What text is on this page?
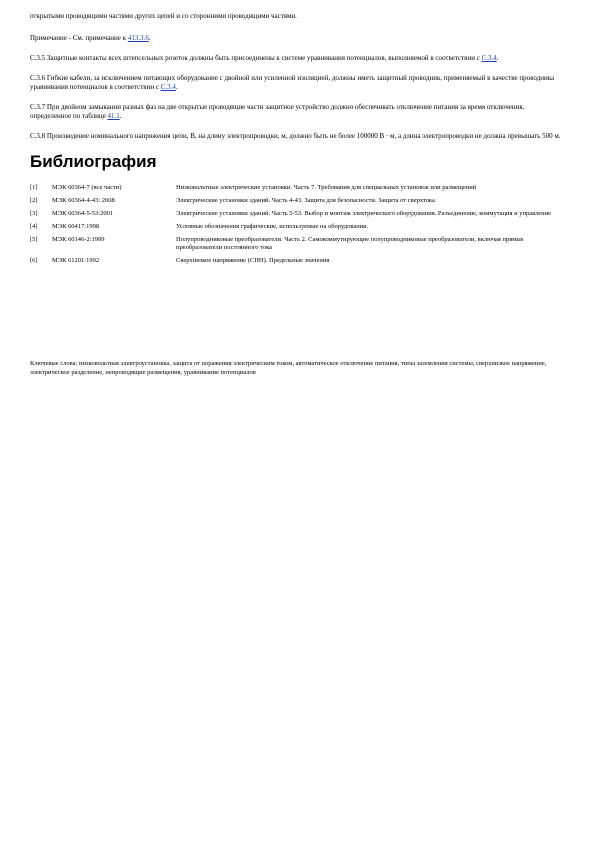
открытыми проводящими частями других цепей и со сторонними проводящими частями.

Примечание - См. примечание к 413.3.6.

С.3.5 Защитные контакты всех штепсельных розеток должны быть присоединены к системе уравнивания потенциалов, выполняемой в соответствии с С.3.4.

С.3.6 Гибкие кабели, за исключением питающих оборудование с двойной или усиленной изоляцией, должны иметь защитный проводник, применяемый в качестве проводника уравнивания потенциалов в соответствии с С.3.4.

С.3.7 При двойном замыкании разных фаз на две открытые проводящие части защитное устройство должно обеспечивать отключение питания за время отключения, определенное по таблице 41.1.

С.3.8 Произведение номинального напряжения цепи, В, на длину электропроводки, м, должно быть не более 100000 В · м, а длина электропроводки не должна превышать 500 м.

Библиография
[1]	МЭК 60364-7 (все части)	Низковольтные электрические установки. Часть 7. Требования для специальных установок или размещений
[2]	МЭК 60364-4-43: 2008	Электрические установки зданий. Часть 4-43. Защита для безопасности. Защита от сверхтока
[3]	МЭК 60364-5-53:2001	Электрические установки зданий. Часть 5-53. Выбор и монтаж электрического оборудования. Разъединение, коммутация и управление
[4]	МЭК 60417:1998	Условные обозначения графические, используемые на оборудовании.
[5]	МЭК 60146-2:1999	Полупроводниковые преобразователи. Часть 2. Самокоммутирующие полупроводниковые преобразователи, включая прямые преобразователи постоянного тока
[6]	МЭК 61201:1992	Сверхнизкое напряжение (СНН). Предельные значения
Ключевые слова: низковольтная электроустановка, защита от поражения электрическим током, автоматическое отключение питания, типы заземления системы, сверхнизкое напряжение, электрическое разделение, непроводящие размещения, уравнивание потенциалов
